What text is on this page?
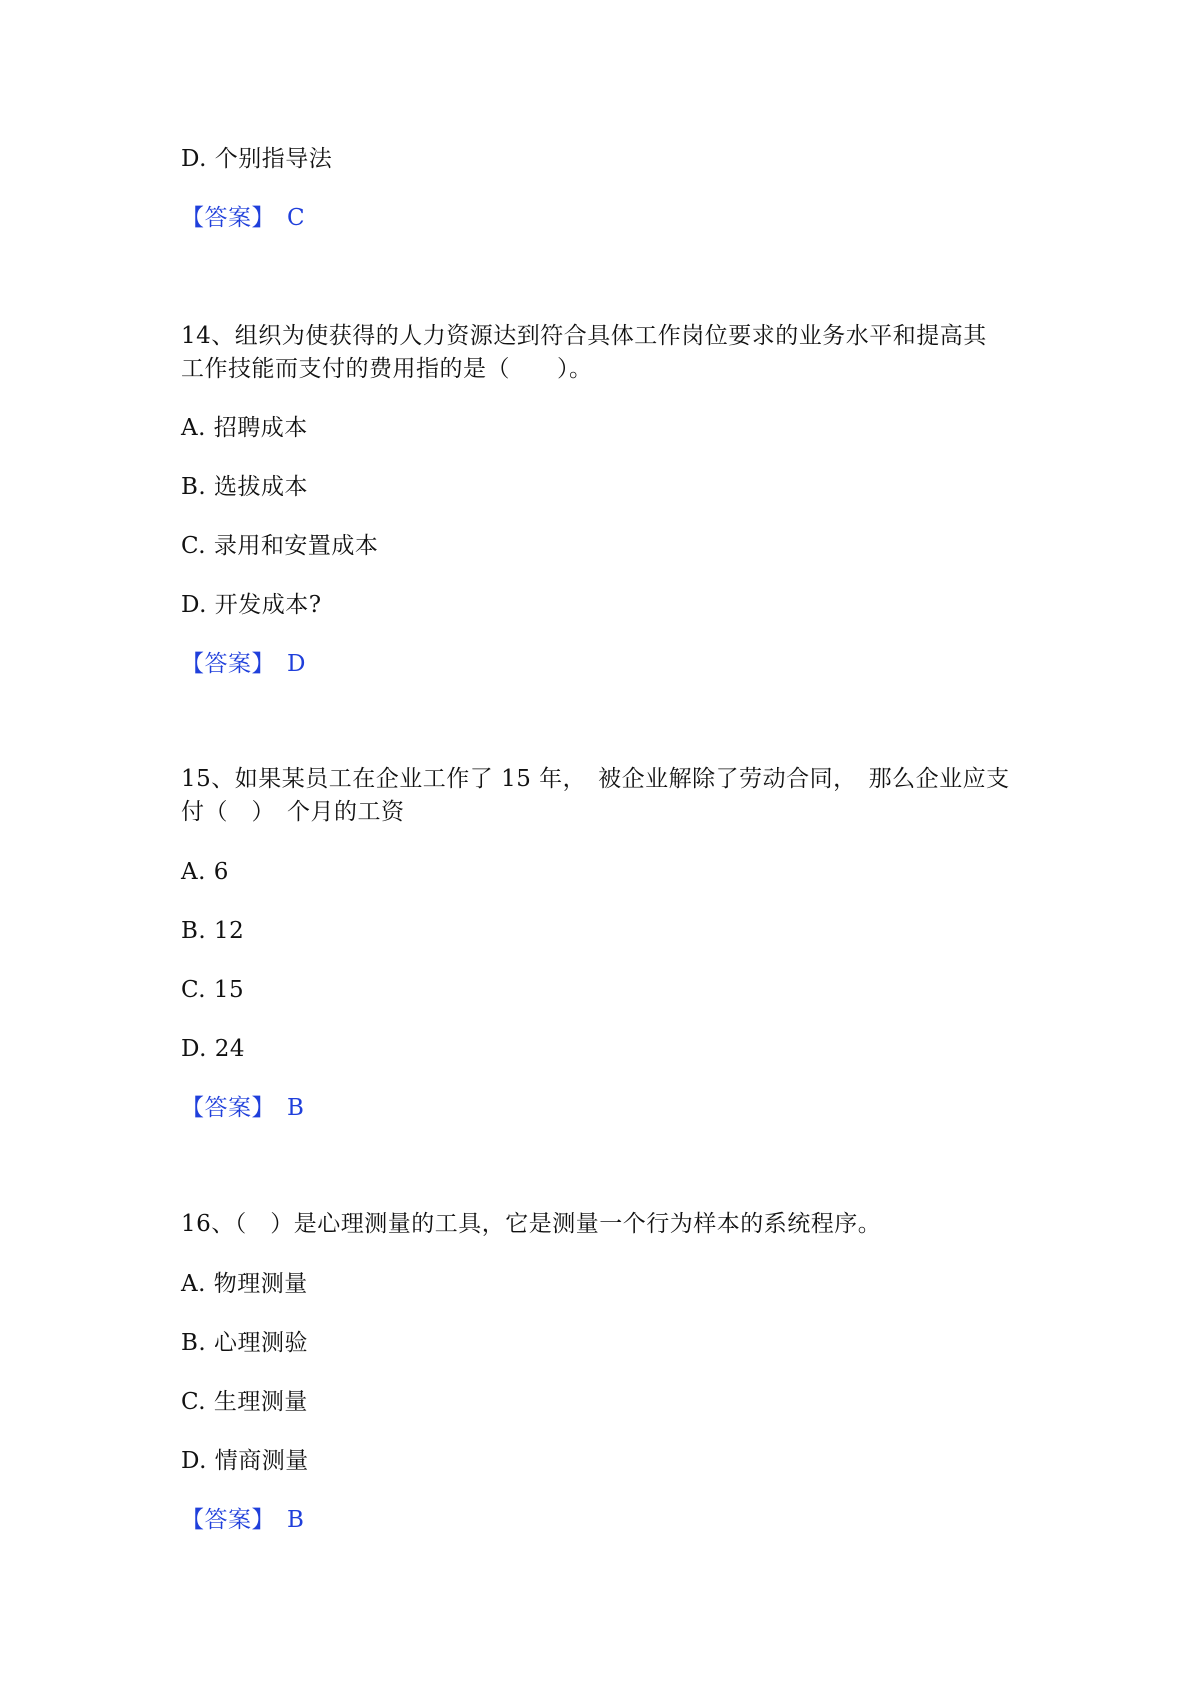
D. 个别指导法
【答案】 C
14、组织为使获得的人力资源达到符合具体工作岗位要求的业务水平和提高其
工作技能而支付的费用指的是（　　）。
A. 招聘成本
B. 选拔成本
C. 录用和安置成本
D. 开发成本?
【答案】 D
15、如果某员工在企业工作了 15 年，　被企业解除了劳动合同，　那么企业应支
付（　）　个月的工资
A. 6
B. 12
C. 15
D. 24
【答案】 B
16、（　）是心理测量的工具，它是测量一个行为样本的系统程序。
A. 物理测量
B. 心理测验
C. 生理测量
D. 情商测量
【答案】 B
